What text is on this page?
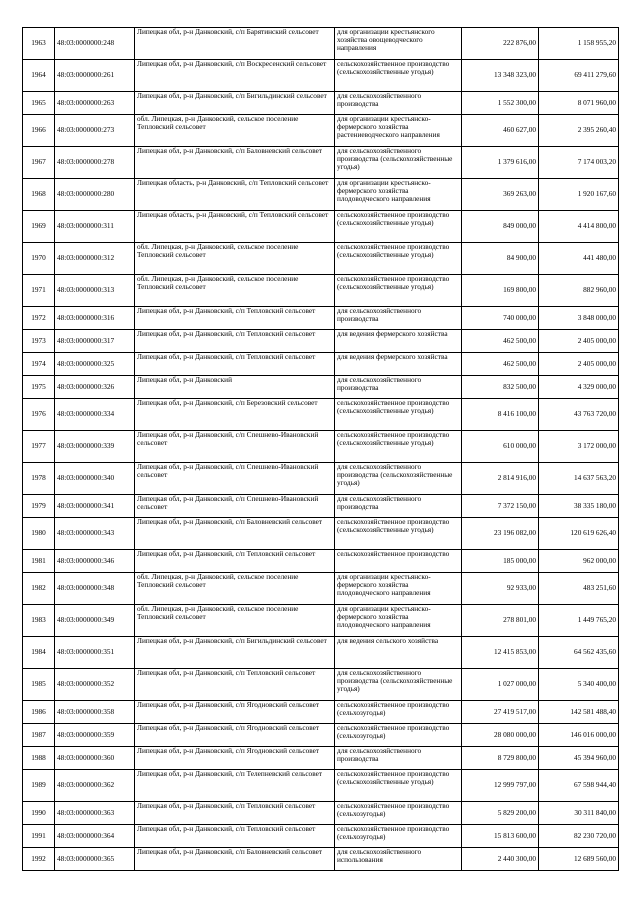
1963	48:03:0000000:248	Липецкая обл, р-н Данковский, с/п Барятинский сельсовет	для организации крестьянского хозяйства овощеводческого направления	222 876,00	1 158 955,20
1964	48:03:0000000:261	Липецкая обл, р-н Данковский, с/п Воскресенский сельсовет	сельскохозяйственное производство (сельскохозяйственные угодья)	13 348 323,00	69 411 279,60
1965	48:03:0000000:263	Липецкая обл, р-н Данковский, с/п Бигильдинский сельсовет	для сельскохозяйственного производства	1 552 300,00	8 071 960,00
1966	48:03:0000000:273	обл. Липецкая, р-н Данковский, сельское поселение Тепловский сельсовет	для организации крестьянско-фермерского хозяйства растениеводческого направления	460 627,00	2 395 260,40
1967	48:03:0000000:278	Липецкая обл, р-н Данковский, с/п Баловневский сельсовет	для сельскохозяйственного производства (сельскохозяйственные угодья)	1 379 616,00	7 174 003,20
1968	48:03:0000000:280	Липецкая область, р-н Данковский, с/п Тепловский сельсовет	для организации крестьянско-фермерского хозяйства плодоводческого направления	369 263,00	1 920 167,60
1969	48:03:0000000:311	Липецкая область, р-н Данковский, с/п Тепловский сельсовет	сельскохозяйственное производство (сельскохозяйственные угодья)	849 000,00	4 414 800,00
1970	48:03:0000000:312	обл. Липецкая, р-н Данковский, сельское поселение Тепловский сельсовет	сельскохозяйственное производство (сельскохозяйственные угодья)	84 900,00	441 480,00
1971	48:03:0000000:313	обл. Липецкая, р-н Данковский, сельское поселение Тепловский сельсовет	сельскохозяйственное производство (сельскохозяйственные угодья)	169 800,00	882 960,00
1972	48:03:0000000:316	Липецкая обл, р-н Данковский, с/п Тепловский сельсовет	для сельскохозяйственного производства	740 000,00	3 848 000,00
1973	48:03:0000000:317	Липецкая обл, р-н Данковский, с/п Тепловский сельсовет	для ведения фермерского хозяйства	462 500,00	2 405 000,00
1974	48:03:0000000:325	Липецкая обл, р-н Данковский, с/п Тепловский сельсовет	для ведения фермерского хозяйства	462 500,00	2 405 000,00
1975	48:03:0000000:326	Липецкая обл, р-н Данковский	для сельскохозяйственного производства	832 500,00	4 329 000,00
1976	48:03:0000000:334	Липецкая обл, р-н Данковский, с/п Березовский сельсовет	сельскохозяйственное производство (сельскохозяйственные угодья)	8 416 100,00	43 763 720,00
1977	48:03:0000000:339	Липецкая обл, р-н Данковский, с/п Спешнево-Ивановский сельсовет	сельскохозяйственное производство (сельскохозяйственные угодья)	610 000,00	3 172 000,00
1978	48:03:0000000:340	Липецкая обл, р-н Данковский, с/п Спешнево-Ивановский сельсовет	для сельскохозяйственного производства (сельскохозяйственные угодья)	2 814 916,00	14 637 563,20
1979	48:03:0000000:341	Липецкая обл, р-н Данковский, с/п Спешнево-Ивановский сельсовет	для сельскохозяйственного производства	7 372 150,00	38 335 180,00
1980	48:03:0000000:343	Липецкая обл, р-н Данковский, с/п Баловневский сельсовет	сельскохозяйственное производство (сельскохозяйственные угодья)	23 196 082,00	120 619 626,40
1981	48:03:0000000:346	Липецкая обл, р-н Данковский, с/п Тепловский сельсовет	сельскохозяйственное производство	185 000,00	962 000,00
1982	48:03:0000000:348	обл. Липецкая, р-н Данковский, сельское поселение Тепловский сельсовет	для организации крестьянско-фермерского хозяйства плодоводческого направления	92 933,00	483 251,60
1983	48:03:0000000:349	обл. Липецкая, р-н Данковский, сельское поселение Тепловский сельсовет	для организации крестьянско-фермерского хозяйства плодоводческого направления	278 801,00	1 449 765,20
1984	48:03:0000000:351	Липецкая обл, р-н Данковский, с/п Бигильдинский сельсовет	для ведения сельского хозяйства	12 415 853,00	64 562 435,60
1985	48:03:0000000:352	Липецкая обл, р-н Данковский, с/п Тепловский сельсовет	для сельскохозяйственного производства (сельскохозяйственные угодья)	1 027 000,00	5 340 400,00
1986	48:03:0000000:358	Липецкая обл, р-н Данковский, с/п Ягодновский сельсовет	сельскохозяйственное производство (сельхозугодья)	27 419 517,00	142 581 488,40
1987	48:03:0000000:359	Липецкая обл, р-н Данковский, с/п Ягодновский сельсовет	сельскохозяйственное производство (сельхозугодья)	28 080 000,00	146 016 000,00
1988	48:03:0000000:360	Липецкая обл, р-н Данковский, с/п Ягодновский сельсовет	для сельскохозяйственного производства	8 729 800,00	45 394 960,00
1989	48:03:0000000:362	Липецкая обл, р-н Данковский, с/п Телепневский сельсовет	сельскохозяйственное производство (сельскохозяйственные угодья)	12 999 797,00	67 598 944,40
1990	48:03:0000000:363	Липецкая обл, р-н Данковский, с/п Тепловский сельсовет	сельскохозяйственное производство (сельхозугодья)	5 829 200,00	30 311 840,00
1991	48:03:0000000:364	Липецкая обл, р-н Данковский, с/п Тепловский сельсовет	сельскохозяйственное производство (сельхозугодья)	15 813 600,00	82 230 720,00
1992	48:03:0000000:365	Липецкая обл, р-н Данковский, с/п Баловневский сельсовет	для сельскохозяйственного использования	2 440 300,00	12 689 560,00
